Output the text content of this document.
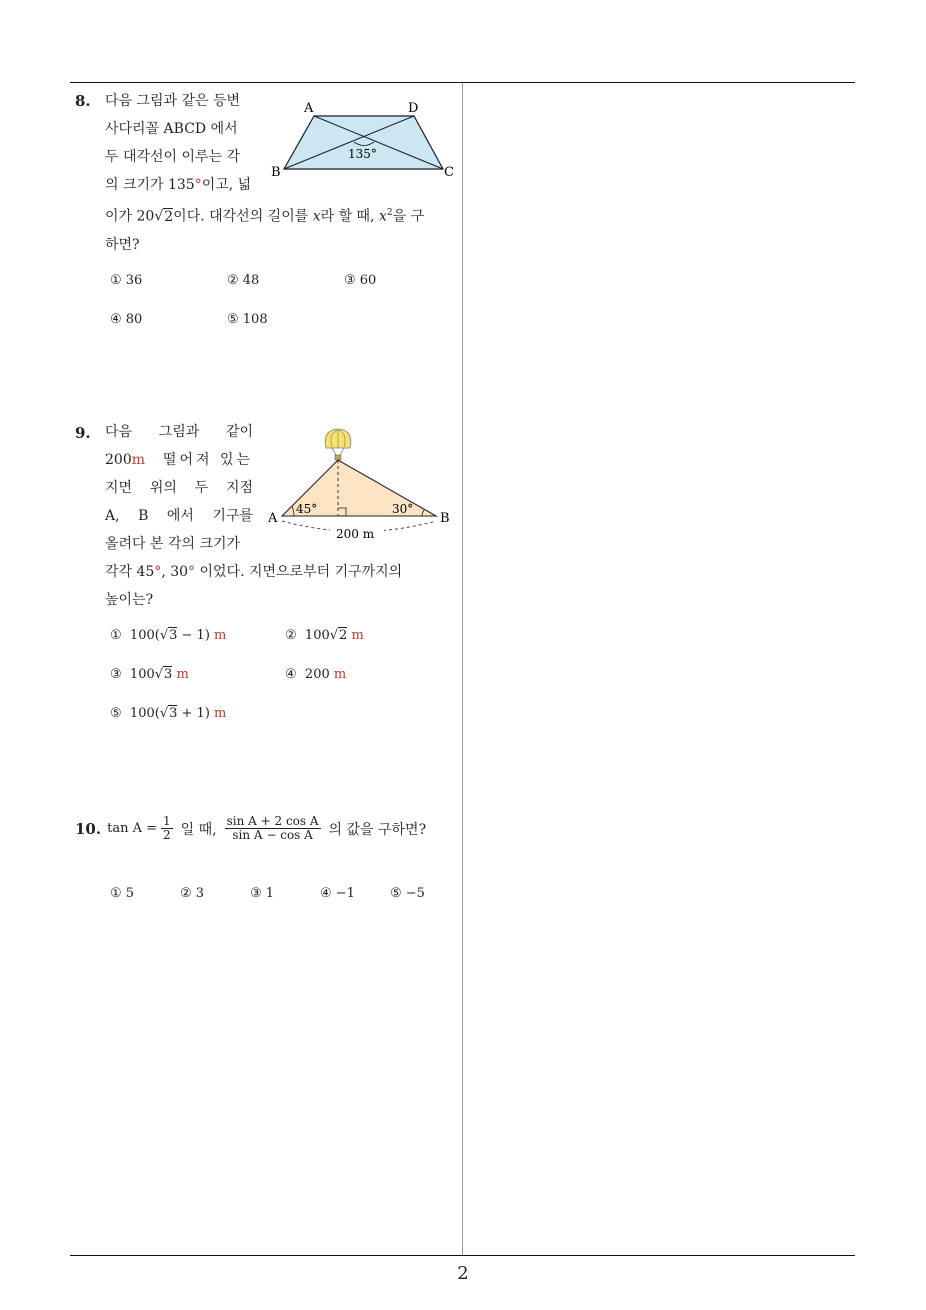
8. 다음 그림과 같은 등변
사다리꼴 ABCD 에서
두 대각선이 이루는 각
의 크기가 135°이고, 넓
이가 20√2이다. 대각선의 길이를 x라 할 때, $x^2$을 구
하면?
A	D
B	C
135°
① 36	② 48	③ 60
④ 80	⑤ 108
9. 다음 그림과 같이
200m 떨어져 있는
지면 위의 두 지점
A, B 에서 기구를
올려다 본 각의 크기가
각각 45°, 30° 이었다. 지면으로부터 기구까지의
높이는?
A	B
45°	30°
200 m
① 100(√3 − 1) m	② 100√2 m
③ 100√3 m	④ 200 m
⑤ 100(√3 + 1) m
10. $\tan A = \frac{1}{2}$ 일 때, $\frac{\text{sin A + 2 cos A}}{\text{sin A − cos A}}$ 의 값을 구하면?
① 5	② 3	③ 1	④ −1	⑤ −5
2
